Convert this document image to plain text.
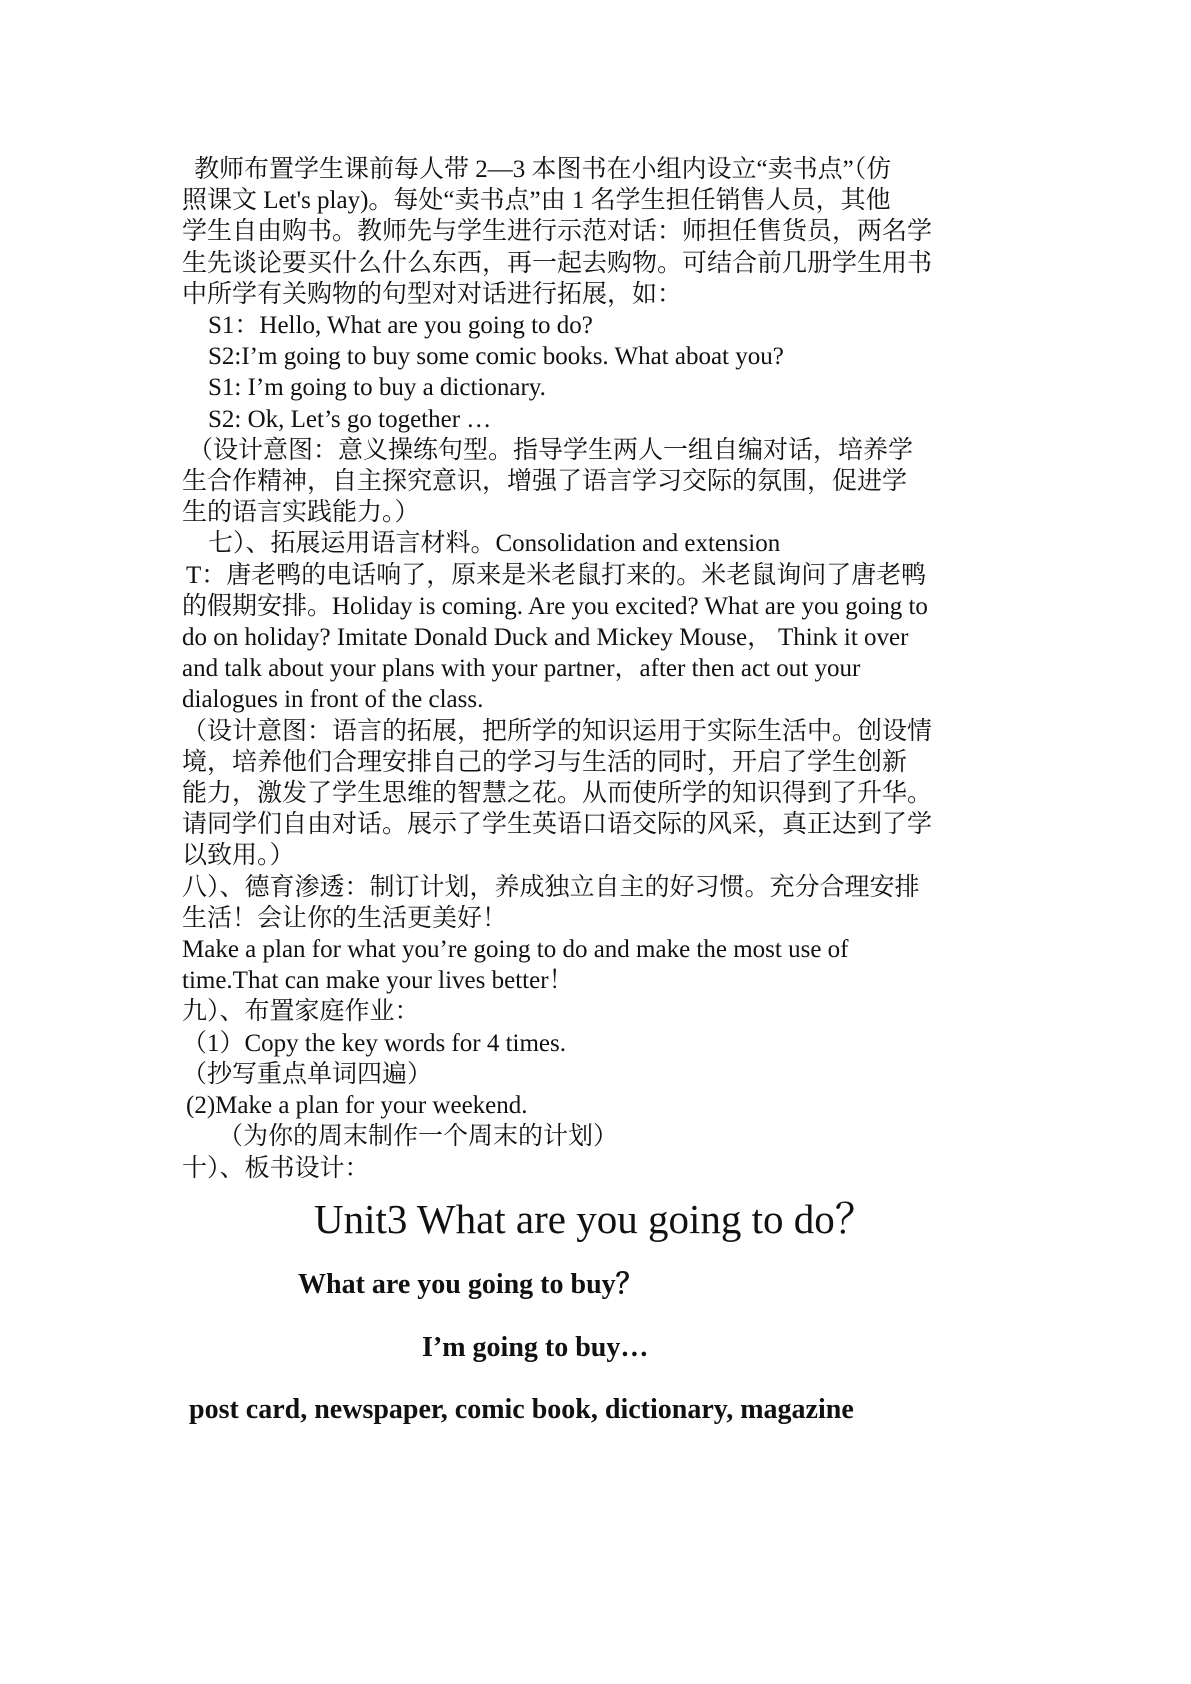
教师布置学生课前每人带 2—3 本图书在小组内设立“卖书点”（仿

照课文 Let's play)。每处“卖书点”由 1 名学生担任销售人员，其他

学生自由购书。教师先与学生进行示范对话：师担任售货员，两名学

生先谈论要买什么什么东西，再一起去购物。可结合前几册学生用书

中所学有关购物的句型对对话进行拓展，如：

S1：Hello, What are you going to do?

S2:I’m going to buy some comic books. What aboat you?

S1: I’m going to buy a dictionary.

S2: Ok, Let’s go together …

（设计意图：意义操练句型。指导学生两人一组自编对话，培养学

生合作精神，自主探究意识，增强了语言学习交际的氛围，促进学

生的语言实践能力。）

七）、拓展运用语言材料。Consolidation and extension

T：唐老鸭的电话响了，原来是米老鼠打来的。米老鼠询问了唐老鸭

的假期安排。Holiday is coming. Are you excited? What are you going to

do on holiday? Imitate Donald Duck and Mickey Mouse， Think it over

and talk about your plans with your partner，after then act out your

dialogues in front of the class.

（设计意图：语言的拓展，把所学的知识运用于实际生活中。创设情

境，培养他们合理安排自己的学习与生活的同时，开启了学生创新

能力，激发了学生思维的智慧之花。从而使所学的知识得到了升华。

请同学们自由对话。展示了学生英语口语交际的风采，真正达到了学

以致用。）

八）、德育渗透：制订计划，养成独立自主的好习惯。充分合理安排

生活！会让你的生活更美好！

Make a plan for what you’re going to do and make the most use of

time.That can make your lives better！

九）、布置家庭作业：

（1）Copy the key words for 4 times.

（抄写重点单词四遍）

(2)Make a plan for your weekend.

（为你的周末制作一个周末的计划）

十）、板书设计：

Unit3 What are you going to do？
What are you going to buy？
I’m going to buy…
post card, newspaper, comic book, dictionary, magazine
